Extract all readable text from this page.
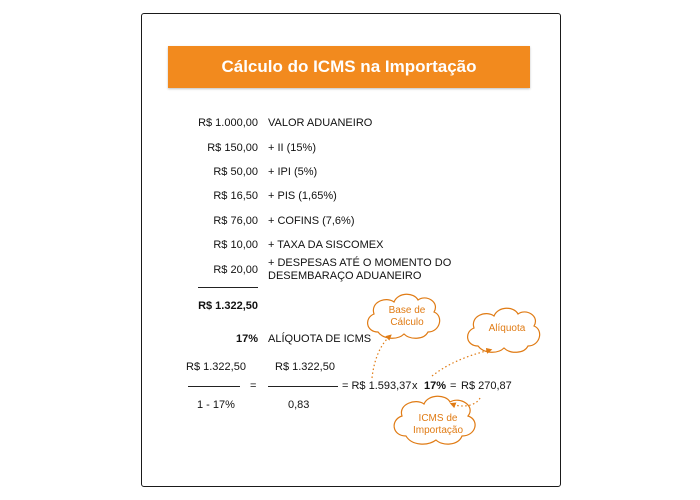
Cálculo do ICMS na Importação
R$ 1.000,00 VALOR ADUANEIRO
R$ 150,00 + II (15%)
R$ 50,00 + IPI (5%)
R$ 16,50 + PIS (1,65%)
R$ 76,00 + COFINS (7,6%)
R$ 10,00 + TAXA DA SISCOMEX
R$ 20,00
+ DESPESAS ATÉ O MOMENTO DO DESEMBARAÇO ADUANEIRO
R$ 1.322,50
17% ALÍQUOTA DE ICMS
R$ 1.322,50
1 - 17%
=
R$ 1.322,50
0,83
= R$ 1.593,37 x 17% = R$ 270,87
Base de Cálculo
Alíquota
ICMS de Importação
